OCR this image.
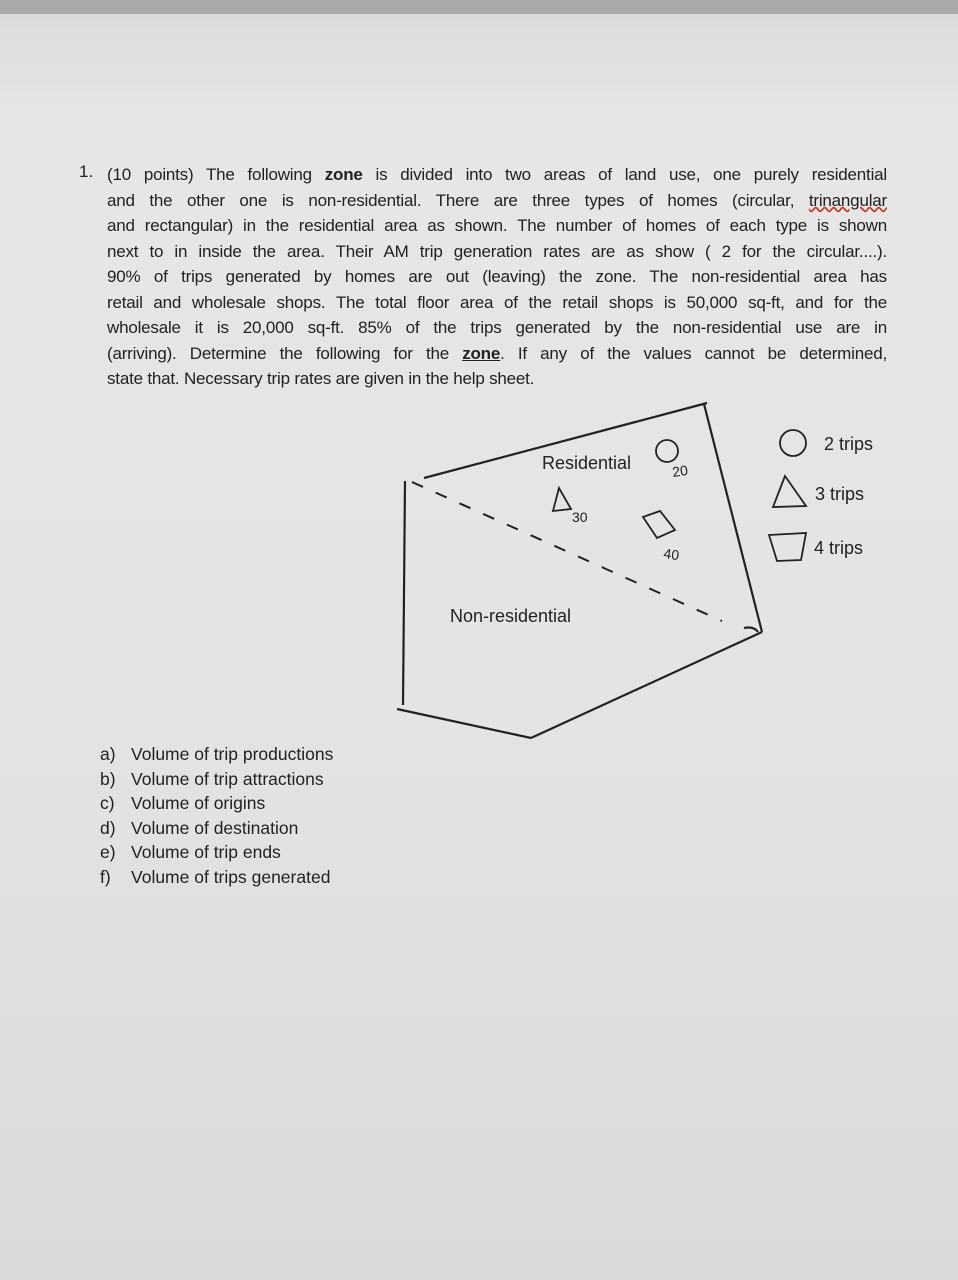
1. (10 points) The following zone is divided into two areas of land use, one purely residential
and the other one is non-residential. There are three types of homes (circular, trinangular
and rectangular) in the residential area as shown. The number of homes of each type is shown
next to in inside the area. Their AM trip generation rates are as show ( 2 for the circular....).
90% of trips generated by homes are out (leaving) the zone. The non-residential area has
retail and wholesale shops. The total floor area of the retail shops is 50,000 sq-ft, and for the
wholesale it is 20,000 sq-ft. 85% of the trips generated by the non-residential use are in
(arriving). Determine the following for the zone. If any of the values cannot be determined,
state that. Necessary trip rates are given in the help sheet.
Residential
Non-residential
20
30
40
2 trips
3 trips
4 trips
a) Volume of trip productions
b) Volume of trip attractions
c) Volume of origins
d) Volume of destination
e) Volume of trip ends
f)	Volume of trips generated
